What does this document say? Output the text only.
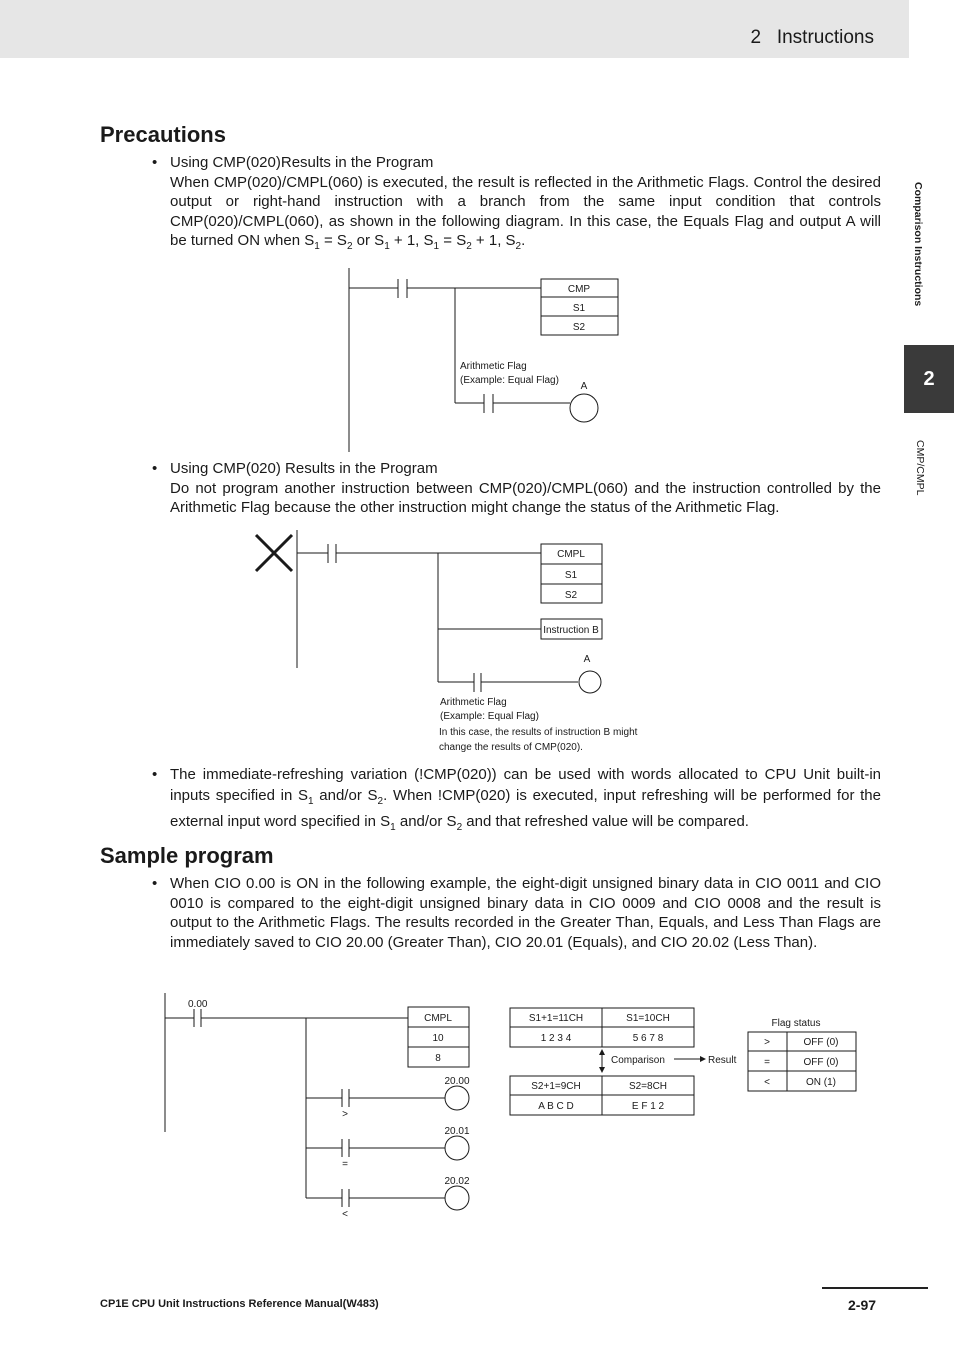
2   Instructions
Comparison Instructions
2
CMP/CMPL
Precautions
• Using CMP(020)Results in the Program

When CMP(020)/CMPL(060) is executed, the result is reflected in the Arithmetic Flags. Control the desired output or right-hand instruction with a branch from the same input condition that controls CMP(020)/CMPL(060), as shown in the following diagram. In this case, the Equals Flag and output A will be turned ON when $S_1 = S_2$ or $S_1 + 1$, $S_1 = S_2 + 1$, $S_2$.

CMP
S1
S2
Arithmetic Flag
(Example: Equal Flag)
A
• Using CMP(020) Results in the Program

Do not program another instruction between CMP(020)/CMPL(060) and the instruction controlled by the Arithmetic Flag because the other instruction might change the status of the Arithmetic Flag.

CMPL
S1
S2
Instruction B
A
Arithmetic Flag
(Example: Equal Flag)
In this case, the results of instruction B might
change the results of CMP(020).
• The immediate-refreshing variation (!CMP(020)) can be used with words allocated to CPU Unit built-in inputs specified in $S_1$ and/or $S_2$. When !CMP(020) is executed, input refreshing will be performed for the external input word specified in $S_1$ and/or $S_2$ and that refreshed value will be compared.

Sample program
• When CIO 0.00 is ON in the following example, the eight-digit unsigned binary data in CIO 0011 and CIO 0010 is compared to the eight-digit unsigned binary data in CIO 0009 and CIO 0008 and the result is output to the Arithmetic Flags. The results recorded in the Greater Than, Equals, and Less Than Flags are immediately saved to CIO 20.00 (Greater Than), CIO 20.01 (Equals), and CIO 20.02 (Less Than).

0.00
CMPL
10
8
20.00
>
20.01
=
20.02
<
S1+1=11CH	S1=10CH
1 2 3 4	5 6 7 8
S2+1=9CH	S2=8CH
A B C D	E F 1 2
Comparison	Result
Flag status
>	OFF (0)
=	OFF (0)
<	ON (1)
CP1E CPU Unit Instructions Reference Manual(W483)	2-97
